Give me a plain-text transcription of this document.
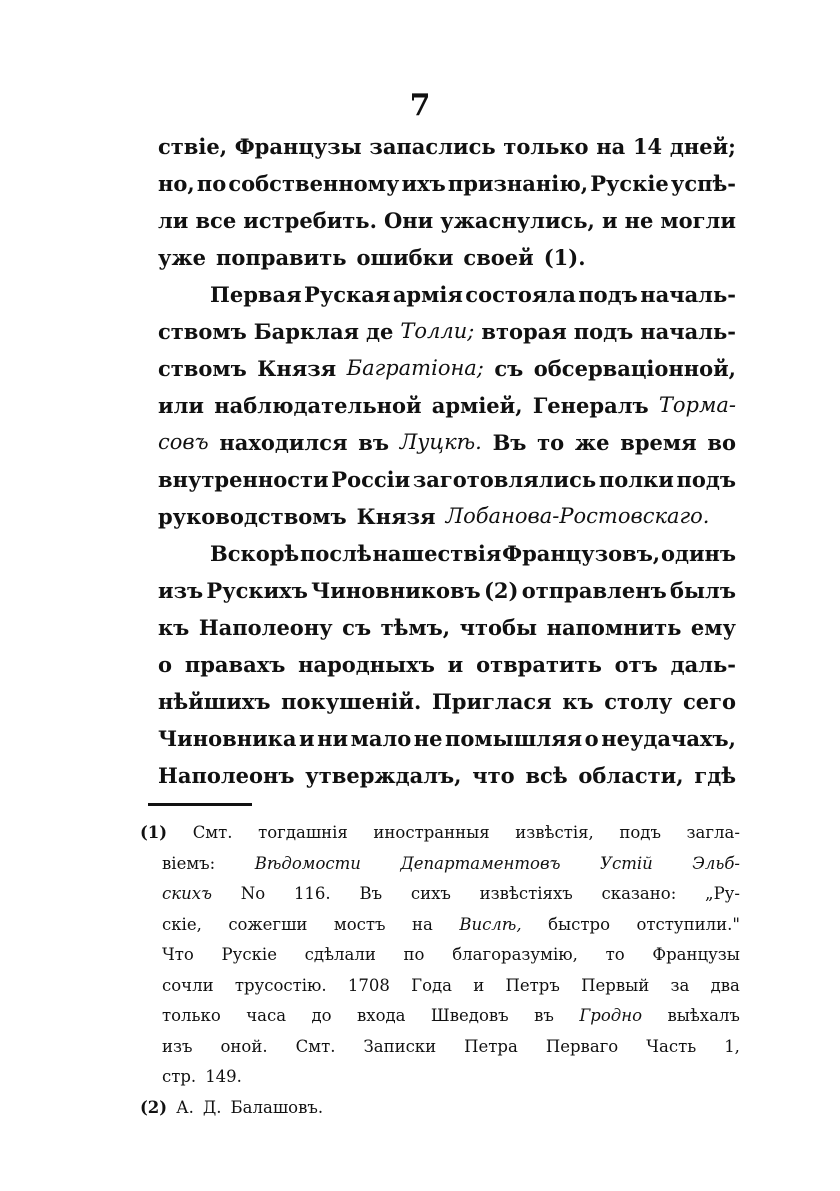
7
ствіе, Французы запаслись только на 14 дней;
но, по собственному ихъ признанію, Рускіе успѣ-
ли все истребить. Они ужаснулись, и не могли
уже поправить ошибки своей (1).
Первая Руская армія состояла подъ началь-
ствомъ Барклая де Толли; вторая подъ началь-
ствомъ Князя Багратіона; съ обсерваціонной,
или наблюдательной арміей, Генералъ Торма-
совъ находился въ Луцкѣ. Въ то же время во
внутренности Россіи заготовлялись полки подъ
руководствомъ Князя Лобанова-Ростовскаго.
Вскорѣ послѣ нашествія Французовъ, одинъ
изъ Рускихъ Чиновниковъ (2) отправленъ былъ
къ Наполеону съ тѣмъ, чтобы напомнить ему
о правахъ народныхъ и отвратить отъ даль-
нѣйшихъ покушеній. Приглася къ столу сего
Чиновника и ни мало не помышляя о неудачахъ,
Наполеонъ утверждалъ, что всѣ области, гдѣ
(1) Смт. тогдашнія иностранныя извѣстія, подъ загла-
віемъ: Вѣдомости Департаментовъ Устій Эльб-
скихъ No 116. Въ сихъ извѣстіяхъ сказано: „Ру-
скіе, сожегши мостъ на Вислѣ, быстро отступили."
Что Рускіе сдѣлали по благоразумію, то Французы
сочли трусостію. 1708 Года и Петръ Первый за два
только часа до входа Шведовъ въ Гродно выѣхалъ
изъ оной. Смт. Записки Петра Перваго Часть 1,
стр. 149.
(2) А. Д. Балашовъ.
